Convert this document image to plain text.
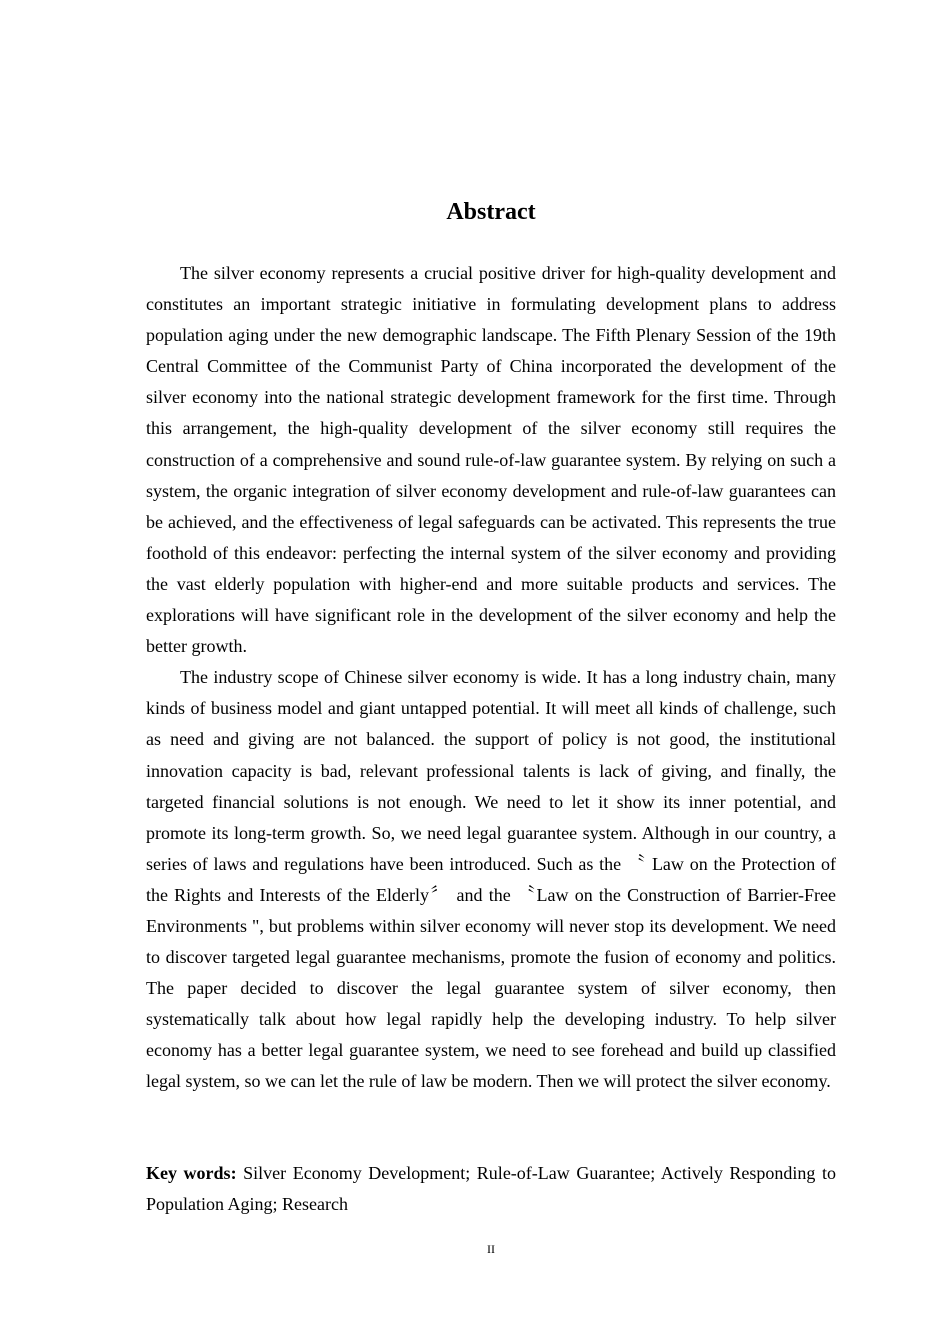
Abstract

The silver economy represents a crucial positive driver for high-quality development and constitutes an important strategic initiative in formulating development plans to address population aging under the new demographic landscape. The Fifth Plenary Session of the 19th Central Committee of the Communist Party of China incorporated the development of the silver economy into the national strategic development framework for the first time. Through this arrangement, the high-quality development of the silver economy still requires the construction of a comprehensive and sound rule-of-law guarantee system. By relying on such a system, the organic integration of silver economy development and rule-of-law guarantees can be achieved, and the effectiveness of legal safeguards can be activated. This represents the true foothold of this endeavor: perfecting the internal system of the silver economy and providing the vast elderly population with higher-end and more suitable products and services. The explorations will have significant role in the development of the silver economy and help the better growth.

The industry scope of Chinese silver economy is wide. It has a long industry chain, many kinds of business model and giant untapped potential. It will meet all kinds of challenge, such as need and giving are not balanced. the support of policy is not good, the institutional innovation capacity is bad, relevant professional talents is lack of giving, and finally, the targeted financial solutions is not enough. We need to let it show its inner potential, and promote its long-term growth. So, we need legal guarantee system. Although in our country, a series of laws and regulations have been introduced. Such as the 〝 Law on the Protection of the Rights and Interests of the Elderly〞 and the 〝Law on the Construction of Barrier-Free Environments ", but problems within silver economy will never stop its development. We need to discover targeted legal guarantee mechanisms, promote the fusion of economy and politics. The paper decided to discover the legal guarantee system of silver economy, then systematically talk about how legal rapidly help the developing industry. To help silver economy has a better legal guarantee system, we need to see forehead and build up classified legal system, so we can let the rule of law be modern. Then we will protect the silver economy.

Key words: Silver Economy Development; Rule-of-Law Guarantee; Actively Responding to Population Aging; Research
II
